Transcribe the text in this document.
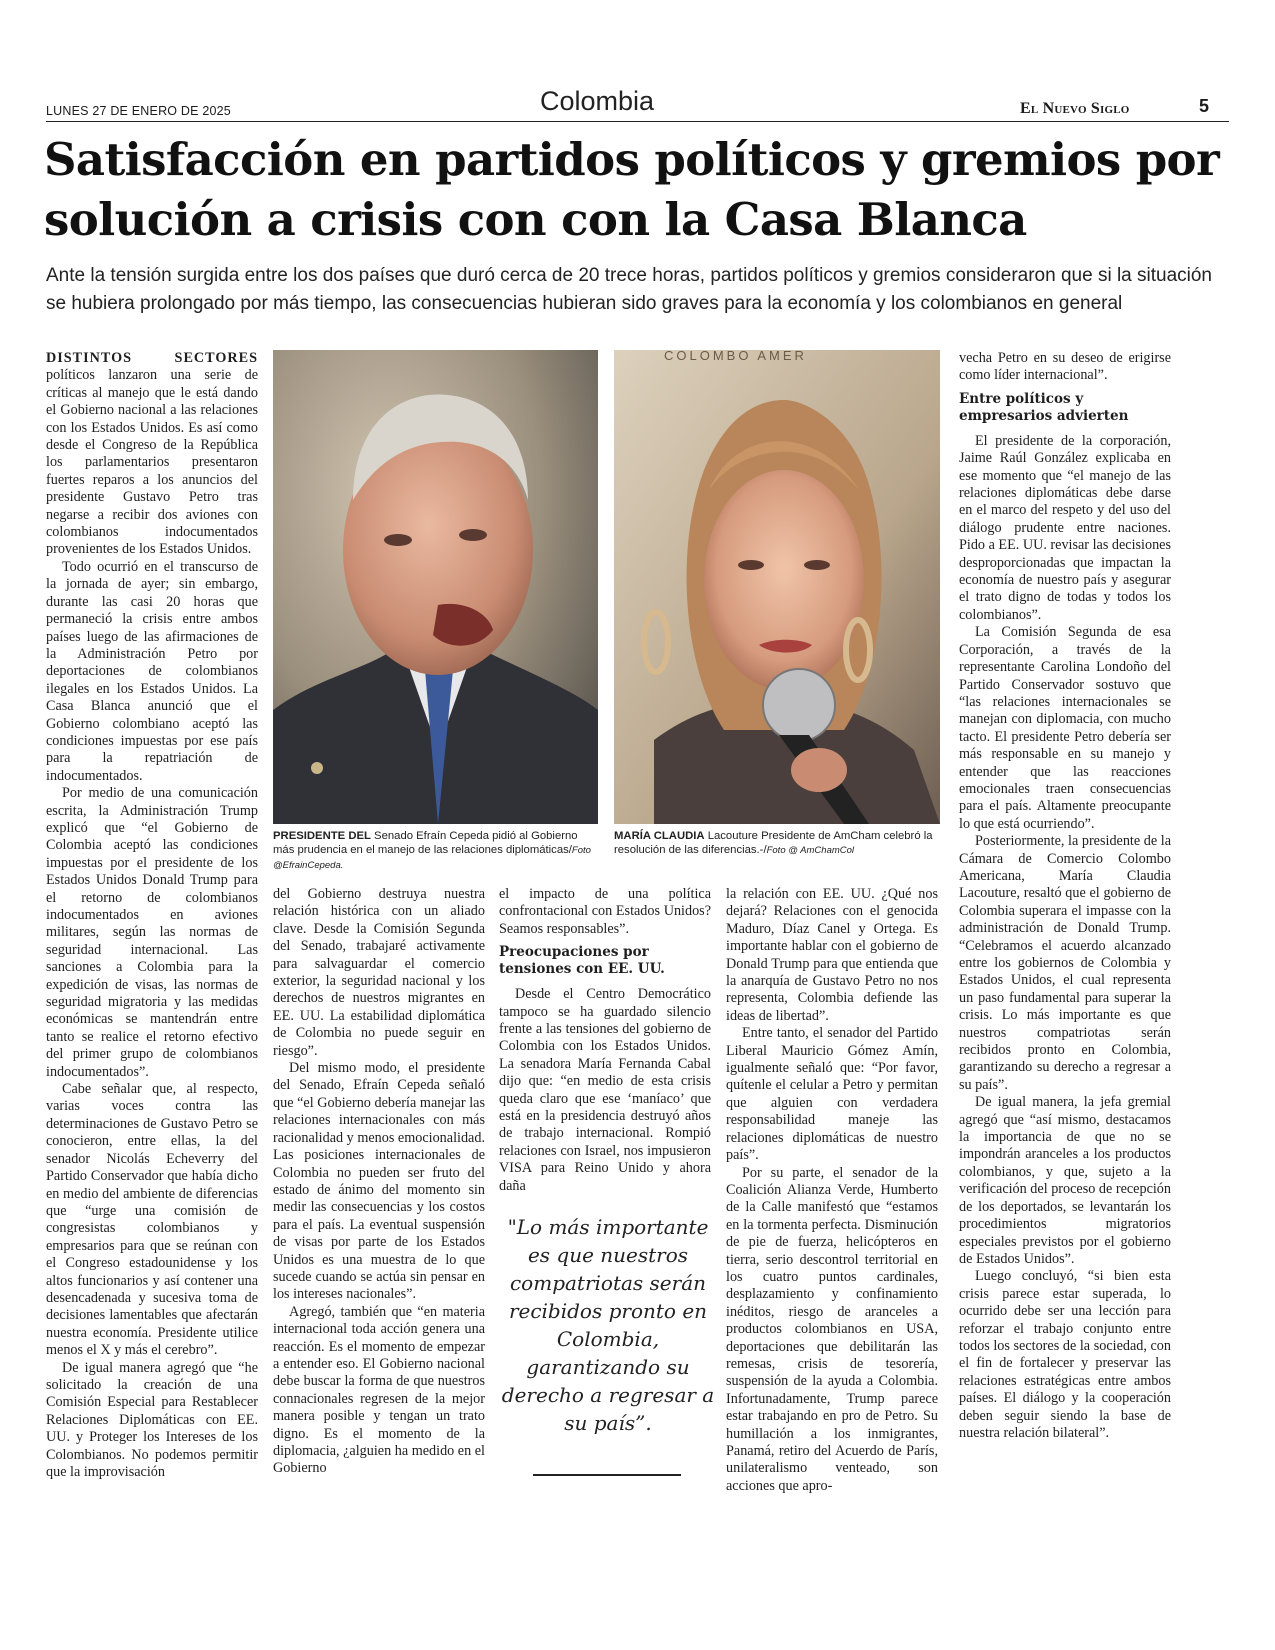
LUNES 27 DE ENERO DE 2025	Colombia	El Nuevo Siglo	5
Satisfacción en partidos políticos y gremios por solución a crisis con con la Casa Blanca
Ante la tensión surgida entre los dos países que duró cerca de 20 trece horas, partidos políticos y gremios consideraron que si la situación se hubiera prolongado por más tiempo, las consecuencias hubieran sido graves para la economía y los colombianos en general

DISTINTOS SECTORES políticos lanzaron una serie de críticas al manejo que le está dando el Gobierno nacional a las relaciones con los Estados Unidos. Es así como desde el Congreso de la República los parlamentarios presentaron fuertes reparos a los anuncios del presidente Gustavo Petro tras negarse a recibir dos aviones con colombianos indocumentados provenientes de los Estados Unidos.

Todo ocurrió en el transcurso de la jornada de ayer; sin embargo, durante las casi 20 horas que permaneció la crisis entre ambos países luego de las afirmaciones de la Administración Petro por deportaciones de colombianos ilegales en los Estados Unidos. La Casa Blanca anunció que el Gobierno colombiano aceptó las condiciones impuestas por ese país para la repatriación de indocumentados.

Por medio de una comunicación escrita, la Administración Trump explicó que “el Gobierno de Colombia aceptó las condiciones impuestas por el presidente de los Estados Unidos Donald Trump para el retorno de colombianos indocumentados en aviones militares, según las normas de seguridad internacional. Las sanciones a Colombia para la expedición de visas, las normas de seguridad migratoria y las medidas económicas se mantendrán entre tanto se realice el retorno efectivo del primer grupo de colombianos indocumentados”.

Cabe señalar que, al respecto, varias voces contra las determinaciones de Gustavo Petro se conocieron, entre ellas, la del senador Nicolás Echeverry del Partido Conservador que había dicho en medio del ambiente de diferencias que “urge una comisión de congresistas colombianos y empresarios para que se reúnan con el Congreso estadounidense y los altos funcionarios y así contener una desencadenada y sucesiva toma de decisiones lamentables que afectarán nuestra economía. Presidente utilice menos el X y más el cerebro”.

De igual manera agregó que “he solicitado la creación de una Comisión Especial para Restablecer Relaciones Diplomáticas con EE. UU. y Proteger los Intereses de los Colombianos. No podemos permitir que la improvisación

COLOMBO AMER
PRESIDENTE DEL Senado Efraín Cepeda pidió al Gobierno más prudencia en el manejo de las relaciones diplomáticas/Foto @EfrainCepeda.
MARÍA CLAUDIA Lacouture Presidente de AmCham celebró la resolución de las diferencias.-/Foto @ AmChamCol

del Gobierno destruya nuestra relación histórica con un aliado clave. Desde la Comisión Segunda del Senado, trabajaré activamente para salvaguardar el comercio exterior, la seguridad nacional y los derechos de nuestros migrantes en EE. UU. La estabilidad diplomática de Colombia no puede seguir en riesgo”.

Del mismo modo, el presidente del Senado, Efraín Cepeda señaló que “el Gobierno debería manejar las relaciones internacionales con más racionalidad y menos emocionalidad. Las posiciones internacionales de Colombia no pueden ser fruto del estado de ánimo del momento sin medir las consecuencias y los costos para el país. La eventual suspensión de visas por parte de los Estados Unidos es una muestra de lo que sucede cuando se actúa sin pensar en los intereses nacionales”.

Agregó, también que “en materia internacional toda acción genera una reacción. Es el momento de empezar a entender eso. El Gobierno nacional debe buscar la forma de que nuestros connacionales regresen de la mejor manera posible y tengan un trato digno. Es el momento de la diplomacia, ¿alguien ha medido en el Gobierno

el impacto de una política confrontacional con Estados Unidos? Seamos responsables”.

Preocupaciones por tensiones con EE. UU.

Desde el Centro Democrático tampoco se ha guardado silencio frente a las tensiones del gobierno de Colombia con los Estados Unidos. La senadora María Fernanda Cabal dijo que: “en medio de esta crisis queda claro que ese ‘maníaco’ que está en la presidencia destruyó años de trabajo internacional. Rompió relaciones con Israel, nos impusieron VISA para Reino Unido y ahora daña

"Lo más importante es que nuestros compatriotas serán recibidos pronto en Colombia, garantizando su derecho a regresar a su país”.

la relación con EE. UU. ¿Qué nos dejará? Relaciones con el genocida Maduro, Díaz Canel y Ortega. Es importante hablar con el gobierno de Donald Trump para que entienda que la anarquía de Gustavo Petro no nos representa, Colombia defiende las ideas de libertad”.

Entre tanto, el senador del Partido Liberal Mauricio Gómez Amín, igualmente señaló que: “Por favor, quítenle el celular a Petro y permitan que alguien con verdadera responsabilidad maneje las relaciones diplomáticas de nuestro país”.

Por su parte, el senador de la Coalición Alianza Verde, Humberto de la Calle manifestó que “estamos en la tormenta perfecta. Disminución de pie de fuerza, helicópteros en tierra, serio descontrol territorial en los cuatro puntos cardinales, desplazamiento y confinamiento inéditos, riesgo de aranceles a productos colombianos en USA, deportaciones que debilitarán las remesas, crisis de tesorería, suspensión de la ayuda a Colombia. Infortunadamente, Trump parece estar trabajando en pro de Petro. Su humillación a los inmigrantes, Panamá, retiro del Acuerdo de París, unilateralismo venteado, son acciones que apro-

vecha Petro en su deseo de erigirse como líder internacional”.

Entre políticos y empresarios advierten

El presidente de la corporación, Jaime Raúl González explicaba en ese momento que “el manejo de las relaciones diplomáticas debe darse en el marco del respeto y del uso del diálogo prudente entre naciones. Pido a EE. UU. revisar las decisiones desproporcionadas que impactan la economía de nuestro país y asegurar el trato digno de todas y todos los colombianos”.

La Comisión Segunda de esa Corporación, a través de la representante Carolina Londoño del Partido Conservador sostuvo que “las relaciones internacionales se manejan con diplomacia, con mucho tacto. El presidente Petro debería ser más responsable en su manejo y entender que las reacciones emocionales traen consecuencias para el país. Altamente preocupante lo que está ocurriendo”.

Posteriormente, la presidente de la Cámara de Comercio Colombo Americana, María Claudia Lacouture, resaltó que el gobierno de Colombia superara el impasse con la administración de Donald Trump. “Celebramos el acuerdo alcanzado entre los gobiernos de Colombia y Estados Unidos, el cual representa un paso fundamental para superar la crisis. Lo más importante es que nuestros compatriotas serán recibidos pronto en Colombia, garantizando su derecho a regresar a su país”.

De igual manera, la jefa gremial agregó que “así mismo, destacamos la importancia de que no se impondrán aranceles a los productos colombianos, y que, sujeto a la verificación del proceso de recepción de los deportados, se levantarán los procedimientos migratorios especiales previstos por el gobierno de Estados Unidos”.

Luego concluyó, “si bien esta crisis parece estar superada, lo ocurrido debe ser una lección para reforzar el trabajo conjunto entre todos los sectores de la sociedad, con el fin de fortalecer y preservar las relaciones estratégicas entre ambos países. El diálogo y la cooperación deben seguir siendo la base de nuestra relación bilateral”.
